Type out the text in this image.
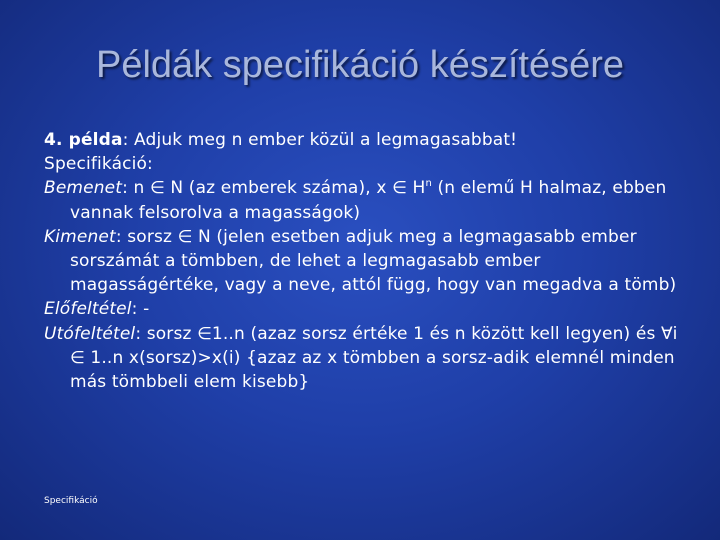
Példák specifikáció készítésére
4. példa: Adjuk meg n ember közül a legmagasabbat!
Specifikáció:
Bemenet: n ∈ N (az emberek száma), x ∈ $H^n$ (n elemű H halmaz, ebben vannak felsorolva a magasságok)
Kimenet: sorsz ∈ N (jelen esetben adjuk meg a legmagasabb ember sorszámát a tömbben, de lehet a legmagasabb ember magasságértéke, vagy a neve, attól függ, hogy van megadva a tömb)
Előfeltétel: -
Utófeltétel: sorsz ∈1..n (azaz sorsz értéke 1 és n között kell legyen) és ∀i ∈ 1..n x(sorsz)>x(i) {azaz az x tömbben a sorsz-adik elemnél minden más tömbbeli elem kisebb}
Specifikáció
